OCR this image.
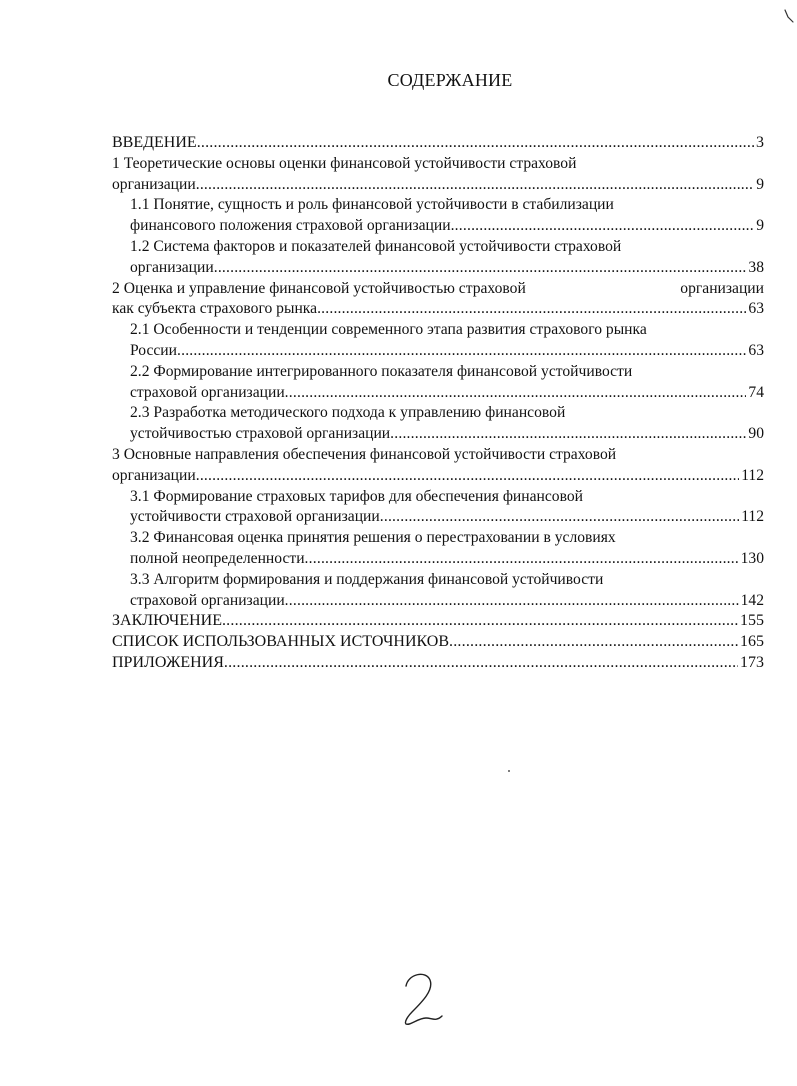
СОДЕРЖАНИЕ
ВВЕДЕНИЕ .....	3
1 Теоретические основы оценки финансовой устойчивости страховой
организации .....	9
1.1 Понятие, сущность и роль финансовой устойчивости в стабилизации
финансового положения страховой организации .....	9
1.2 Система факторов и показателей финансовой устойчивости страховой
организации .....	38
2 Оценка и управление финансовой устойчивостью страховой	организации
как субъекта страхового рынка .....	63
2.1 Особенности и тенденции современного этапа развития страхового рынка
России .....	63
2.2 Формирование интегрированного показателя финансовой устойчивости
страховой организации .....	74
2.3 Разработка методического подхода к управлению финансовой
устойчивостью страховой организации .....	90
3 Основные направления обеспечения финансовой устойчивости страховой
организации .....	112
3.1 Формирование страховых тарифов для обеспечения финансовой
устойчивости страховой организации .....	112
3.2 Финансовая оценка принятия решения о перестраховании в условиях
полной неопределенности .....	130
3.3 Алгоритм формирования и поддержания финансовой устойчивости
страховой организации .....	142
ЗАКЛЮЧЕНИЕ .....	155
СПИСОК ИСПОЛЬЗОВАННЫХ ИСТОЧНИКОВ .....	165
ПРИЛОЖЕНИЯ .....	173
